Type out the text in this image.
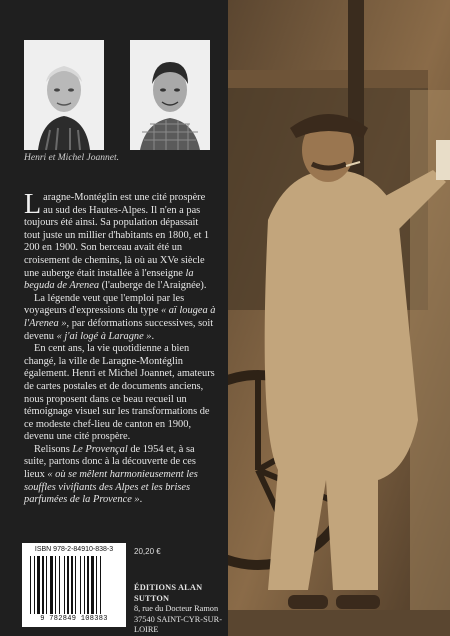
Henri et Michel Joannet.

Laragne-Montéglin est une cité prospère au sud des Hautes-Alpes. Il n'en a pas toujours été ainsi. Sa population dépassait tout juste un millier d'habitants en 1800, et 1 200 en 1900. Son berceau avait été un croisement de chemins, là où au XVe siècle une auberge était installée à l'enseigne la beguda de Arenea (l'auberge de l'Araignée).

La légende veut que l'emploi par les voyageurs d'expressions du type « aï lougea à l'Arenea », par déformations successives, soit devenu « j'ai logé à Laragne ».

En cent ans, la vie quotidienne a bien changé, la ville de Laragne-Montéglin également. Henri et Michel Joannet, amateurs de cartes postales et de documents anciens, nous proposent dans ce beau recueil un témoignage visuel sur les transformations de ce modeste chef-lieu de canton en 1900, devenu une cité prospère.

Relisons Le Provençal de 1954 et, à sa suite, partons donc à la découverte de ces lieux « où se mêlent harmonieusement les souffles vivifiants des Alpes et les brises parfumées de la Provence ».

ISBN 978-2-84910-838-3
9 782849 108383
20,20 €
ÉDITIONS ALAN SUTTON
8, rue du Docteur Ramon
37540 SAINT-CYR-SUR-LOIRE
